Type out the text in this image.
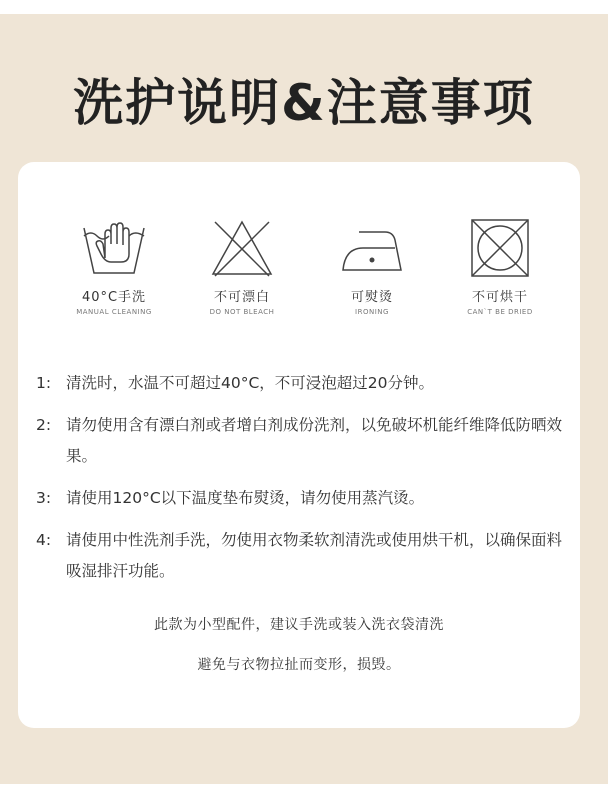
洗护说明&注意事项
40°C手洗
MANUAL CLEANING
不可漂白
DO NOT BLEACH
可熨烫
IRONING
不可烘干
CAN`T BE DRIED
1: 清洗时，水温不可超过40°C，不可浸泡超过20分钟。
2: 请勿使用含有漂白剂或者增白剂成份洗剂，以免破坏机能纤维降低防晒效果。
3: 请使用120°C以下温度垫布熨烫，请勿使用蒸汽烫。
4: 请使用中性洗剂手洗，勿使用衣物柔软剂清洗或使用烘干机，以确保面料吸湿排汗功能。
此款为小型配件，建议手洗或装入洗衣袋清洗
避免与衣物拉扯而变形，损毁。
